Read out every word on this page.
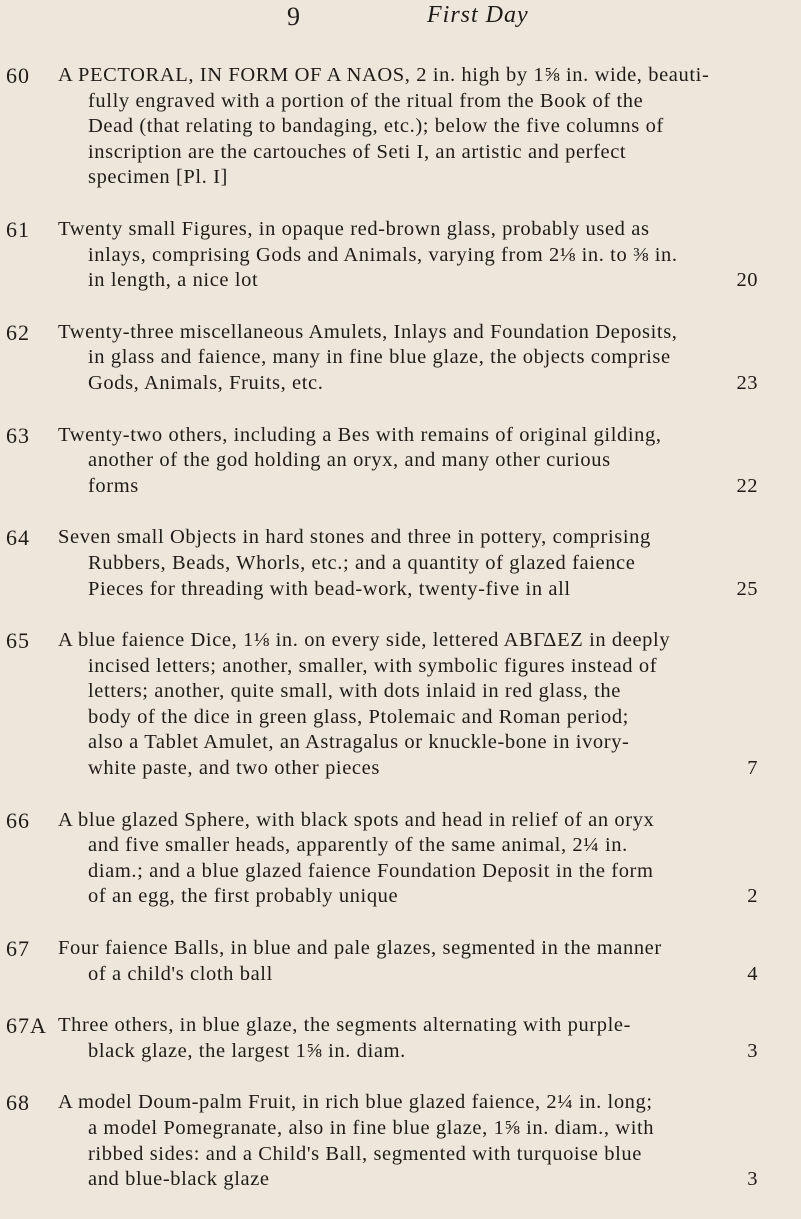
9	First Day
60	A PECTORAL, IN FORM OF A NAOS, 2 in. high by 1⅝ in. wide, beauti-
fully engraved with a portion of the ritual from the Book of the
Dead (that relating to bandaging, etc.); below the five columns of
inscription are the cartouches of Seti I, an artistic and perfect
specimen [Pl. I]
61	Twenty small Figures, in opaque red-brown glass, probably used as
inlays, comprising Gods and Animals, varying from 2⅛ in. to ⅜ in.
in length, a nice lot	20
62	Twenty-three miscellaneous Amulets, Inlays and Foundation Deposits,
in glass and faience, many in fine blue glaze, the objects comprise
Gods, Animals, Fruits, etc.	23
63	Twenty-two others, including a Bes with remains of original gilding,
another of the god holding an oryx, and many other curious
forms	22
64	Seven small Objects in hard stones and three in pottery, comprising
Rubbers, Beads, Whorls, etc.; and a quantity of glazed faience
Pieces for threading with bead-work, twenty-five in all	25
65	A blue faience Dice, 1⅛ in. on every side, lettered ABΓΔEZ in deeply
incised letters; another, smaller, with symbolic figures instead of
letters; another, quite small, with dots inlaid in red glass, the
body of the dice in green glass, Ptolemaic and Roman period;
also a Tablet Amulet, an Astragalus or knuckle-bone in ivory-
white paste, and two other pieces	7
66	A blue glazed Sphere, with black spots and head in relief of an oryx
and five smaller heads, apparently of the same animal, 2¼ in.
diam.; and a blue glazed faience Foundation Deposit in the form
of an egg, the first probably unique	2
67	Four faience Balls, in blue and pale glazes, segmented in the manner
of a child's cloth ball	4
67A Three others, in blue glaze, the segments alternating with purple-
black glaze, the largest 1⅝ in. diam.	3
68	A model Doum-palm Fruit, in rich blue glazed faience, 2¼ in. long;
a model Pomegranate, also in fine blue glaze, 1⅝ in. diam., with
ribbed sides: and a Child's Ball, segmented with turquoise blue
and blue-black glaze	3
